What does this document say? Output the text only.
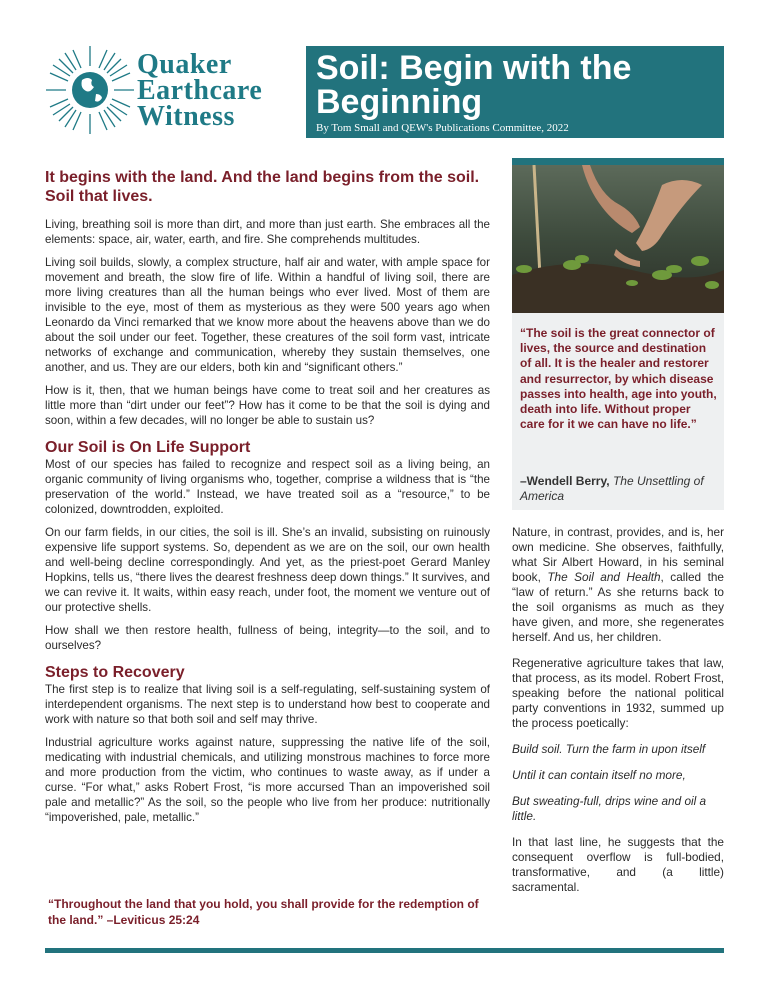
Quaker
Earthcare
Witness
Soil: Begin with the
Beginning
By Tom Small and QEW's Publications Committee, 2022
It begins with the land. And the land begins from the soil. Soil that lives.

Living, breathing soil is more than dirt, and more than just earth. She embraces all the elements: space, air, water, earth, and fire. She comprehends multitudes.

Living soil builds, slowly, a complex structure, half air and water, with ample space for movement and breath, the slow fire of life. Within a handful of living soil, there are more living creatures than all the human beings who ever lived. Most of them are invisible to the eye, most of them as mysterious as they were 500 years ago when Leonardo da Vinci remarked that we know more about the heavens above than we do about the soil under our feet. Together, these creatures of the soil form vast, intricate networks of exchange and communication, whereby they sustain themselves, one another, and us. They are our elders, both kin and “significant others.”

How is it, then, that we human beings have come to treat soil and her creatures as little more than “dirt under our feet”? How has it come to be that the soil is dying and soon, within a few decades, will no longer be able to sustain us?

Our Soil is On Life Support

Most of our species has failed to recognize and respect soil as a living being, an organic community of living organisms who, together, comprise a wildness that is “the preservation of the world.” Instead, we have treated soil as a “resource,” to be colonized, downtrodden, exploited.

On our farm fields, in our cities, the soil is ill. She’s an invalid, subsisting on ruinously expensive life support systems. So, dependent as we are on the soil, our own health and well-being decline correspondingly. And yet, as the priest-poet Gerard Manley Hopkins, tells us, “there lives the dearest freshness deep down things.” It survives, and we can revive it. It waits, within easy reach, under foot, the moment we venture out of our protective shells.

How shall we then restore health, fullness of being, integrity—to the soil, and to ourselves?

Steps to Recovery

The first step is to realize that living soil is a self-regulating, self-sustaining system of interdependent organisms. The next step is to understand how best to cooperate and work with nature so that both soil and self may thrive.

Industrial agriculture works against nature, suppressing the native life of the soil, medicating with industrial chemicals, and utilizing monstrous machines to force more and more production from the victim, who continues to waste away, as if under a curse. “For what,” asks Robert Frost, “is more accursed Than an impoverished soil pale and metallic?” As the soil, so the people who live from her produce: nutritionally “impoverished, pale, metallic.”

“Throughout the land that you hold, you shall provide for the redemption of the land.” –Leviticus 25:24
“The soil is the great connector of lives, the source and destination of all. It is the healer and restorer and resurrector, by which disease passes into health, age into youth, death into life. Without proper care for it we can have no life.”
–Wendell Berry, The Unsettling of America

Nature, in contrast, provides, and is, her own medicine. She observes, faithfully, what Sir Albert Howard, in his seminal book, The Soil and Health, called the “law of return.” As she returns back to the soil organisms as much as they have given, and more, she regenerates herself. And us, her children.

Regenerative agriculture takes that law, that process, as its model. Robert Frost, speaking before the national political party conventions in 1932, summed up the process poetically:

Build soil. Turn the farm in upon itself

Until it can contain itself no more,

But sweating-full, drips wine and oil a little.

In that last line, he suggests that the consequent overflow is full-bodied, transformative, and (a little) sacramental.
